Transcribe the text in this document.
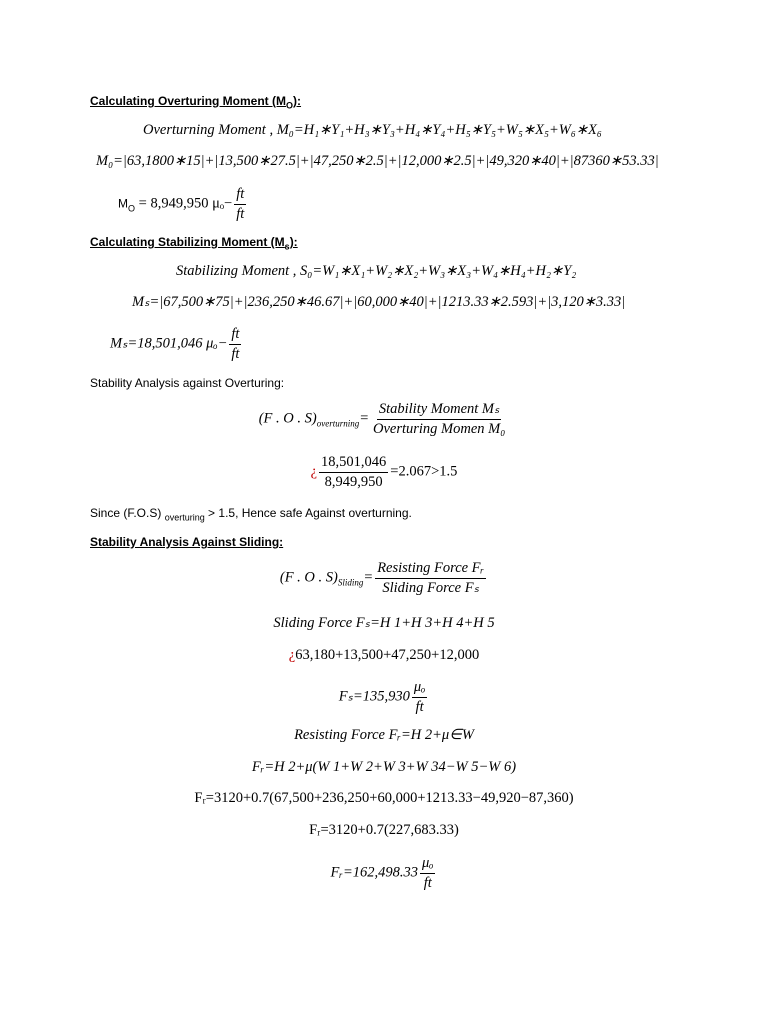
Calculating Overturing Moment $(M_O)$:
Overturning Moment , M₀=H₁∗Y₁+H₃∗Y₃+H₄∗Y₄+H₅∗Y₅+W₅∗X₅+W₆∗X₆
M₀=|63,1800∗15|+|13,500∗27.5|+|47,250∗2.5|+|12,000∗2.5|+|49,320∗40|+|87360∗53.33|
$M_O = 8,949,950$ $\mu_o- \frac{ft}{ft}$
Calculating Stabilizing Moment $(M_s)$:
Stabilizing Moment , S₀=W₁∗X₁+W₂∗X₂+W₃∗X₃+W₄∗H₄+H₂∗Y₂
Mₛ=|67,500∗75|+|236,250∗46.67|+|60,000∗40|+|1213.33∗2.593|+|3,120∗3.33|
Mₛ=18,501,046 $\mu_o- \frac{ft}{ft}$
Stability Analysis against Overturing:
(F . O . $S)_{overturning}= \frac{\text{Stability Moment Mₛ}}{\text{Overturing Momen M₀}}$
¿ $\frac{18,501,046}{8,949,950} =2.067>1.5$
Since (F.O.S) $_{overturing}$ > 1.5, Hence safe Against overturning.
Stability Analysis Against Sliding:
(F . O . $S)_{Sliding}= \frac{\text{Resisting Force Fᵣ}}{\text{Sliding Force Fₛ}}$
Sliding Force Fₛ=H 1+H 3+H 4+H 5
¿63,180+13,500+47,250+12,000
$F_s=135,930 \frac{\text{μₒ}}{ft}$
Resisting Force Fᵣ=H 2+μ∈W
Fᵣ=H 2+μ(W 1+W 2+W 3+W 34−W 5−W 6)
Fᵣ=3120+0.7(67,500+236,250+60,000+1213.33−49,920−87,360)
Fᵣ=3120+0.7(227,683.33)
Fᵣ=162,498.33 $\frac{\text{μₒ}}{ft}$
